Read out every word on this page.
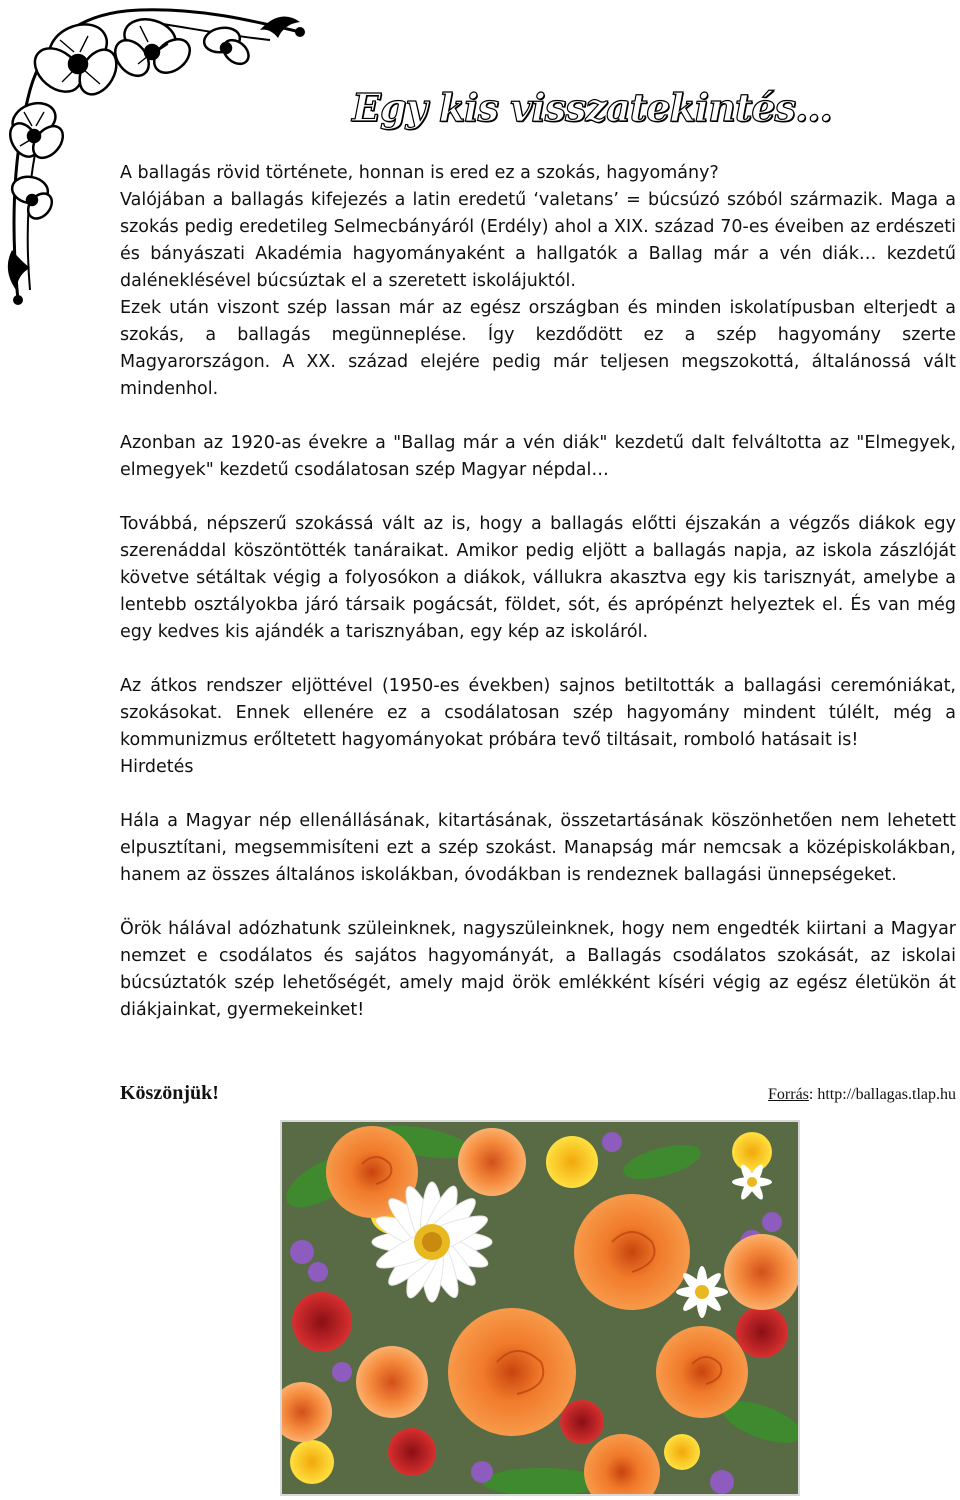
Egy kis visszatekintés...

A ballagás rövid története, honnan is ered ez a szokás, hagyomány?

Valójában a ballagás kifejezés a latin eredetű ‘valetans’ = búcsúzó szóból származik. Maga a szokás pedig eredetileg Selmecbányáról (Erdély) ahol a XIX. század 70-es éveiben az erdészeti és bányászati Akadémia hagyományaként a hallgatók a Ballag már a vén diák… kezdetű daléneklésével búcsúztak el a szeretett iskolájuktól.

Ezek után viszont szép lassan már az egész országban és minden iskolatípusban elterjedt a szokás, a ballagás megünneplése. Így kezdődött ez a szép hagyomány szerte Magyarországon. A XX. század elejére pedig már teljesen megszokottá, általánossá vált mindenhol.

Azonban az 1920-as évekre a "Ballag már a vén diák" kezdetű dalt felváltotta az "Elmegyek, elmegyek" kezdetű csodálatosan szép Magyar népdal…

Továbbá, népszerű szokássá vált az is, hogy a ballagás előtti éjszakán a végzős diákok egy szerenáddal köszöntötték tanáraikat. Amikor pedig eljött a ballagás napja, az iskola zászlóját követve sétáltak végig a folyosókon a diákok, vállukra akasztva egy kis tarisznyát, amelybe a lentebb osztályokba járó társaik pogácsát, földet, sót, és aprópénzt helyeztek el. És van még egy kedves kis ajándék a tarisznyában, egy kép az iskoláról.

Az átkos rendszer eljöttével (1950-es években) sajnos betiltották a ballagási ceremóniákat, szokásokat. Ennek ellenére ez a csodálatosan szép hagyomány mindent túlélt, még a kommunizmus erőltetett hagyományokat próbára tevő tiltásait, romboló hatásait is!

Hirdetés

Hála a Magyar nép ellenállásának, kitartásának, összetartásának köszönhetően nem lehetett elpusztítani, megsemmisíteni ezt a szép szokást. Manapság már nemcsak a középiskolákban, hanem az összes általános iskolákban, óvodákban is rendeznek ballagási ünnepségeket.

Örök hálával adózhatunk szüleinknek, nagyszüleinknek, hogy nem engedték kiirtani a Magyar nemzet e csodálatos és sajátos hagyományát, a Ballagás csodálatos szokását, az iskolai búcsúztatók szép lehetőségét, amely majd örök emlékként kíséri végig az egész életükön át diákjainkat, gyermekeinket!

Köszönjük!	Forrás: http://ballagas.tlap.hu
